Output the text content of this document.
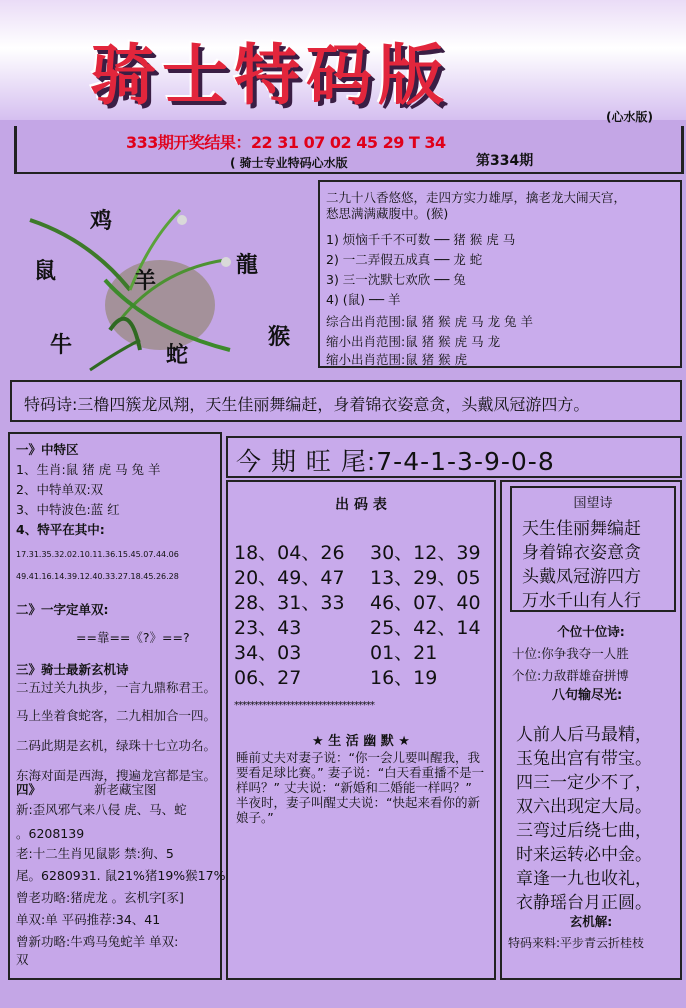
骑士特码版
(心水版)
333期开奖结果：22 31 07 02 45 29 T 34
( 骑士专业特码心水版	第334期
鸡
鼠	羊
龍
牛	蛇
猴
二九十八香悠悠，走四方实力雄厚，擒老龙大闹天宫，
愁思满满藏腹中。(猴)
1) 烦恼千千不可数 ── 猪 猴 虎 马
2) 一二弄假五成真 ── 龙 蛇
3) 三一沈默七欢欣 ── 兔
4) (鼠) ── 羊
综合出肖范围:鼠 猪 猴 虎 马 龙 兔 羊
缩小出肖范围:鼠 猪 猴 虎 马 龙
缩小出肖范围:鼠 猪 猴 虎
特码诗:三橹四簇龙凤翔，天生佳丽舞编赶，身着锦衣姿意贪，头戴凤冠游四方。
一》中特区
1、生肖:鼠 猪 虎 马 兔 羊
2、中特单双:双
3、中特波色:蓝 红
4、特平在其中:
17.31.35.32.02.10.11.36.15.45.07.44.06
49.41.16.14.39.12.40.33.27.18.45.26.28
二》一字定单双:
==靠==《?》==?
三》骑士最新玄机诗
二五过关九执步，一言九鼎称君王。
马上坐着食蛇客，二九相加合一四。
二码此期是玄机，绿珠十七立功名。
东海对面是西海，搜遍龙宫都是宝。
四》	新老藏宝图
新:歪风邪气来八侵 虎、马、蛇
。6208139
老:十二生肖见鼠影 禁:狗、5
尾。6280931. 鼠21%猪19%猴17%
曾老功略:猪虎龙 。玄机字[豕]
单双:单 平码推荐:34、41
曾新功略:牛鸡马兔蛇羊 单双:
双
今 期 旺 尾:7-4-1-3-9-0-8
出 码 表
18、04、26 30、12、39
20、49、47 13、29、05
28、31、33 46、07、40
23、43	25、42、14
34、03	01、21
06、27	16、19
***********************************
★ 生 活 幽 默 ★
睡前丈夫对妻子说：“你一会儿要叫醒我，我要看足球比赛。” 妻子说：“白天看重播不是一样吗？” 丈夫说：“新婚和二婚能一样吗？” 半夜时，妻子叫醒丈夫说：“快起来看你的新娘子。”
国望诗
天生佳丽舞编赶
身着锦衣姿意贪
头戴凤冠游四方
万水千山有人行
个位十位诗:
十位:你争我夺一人胜
个位:力敌群雄奋拼博
八句输尽光:
人前人后马最精，
玉兔出宫有带宝。
四三一定少不了，
双六出现定大局。
三弯过后绕七曲，
时来运转必中金。
章逢一九也收礼，
衣静瑶台月正圆。
玄机解:
特码来料:平步青云折桂枝
